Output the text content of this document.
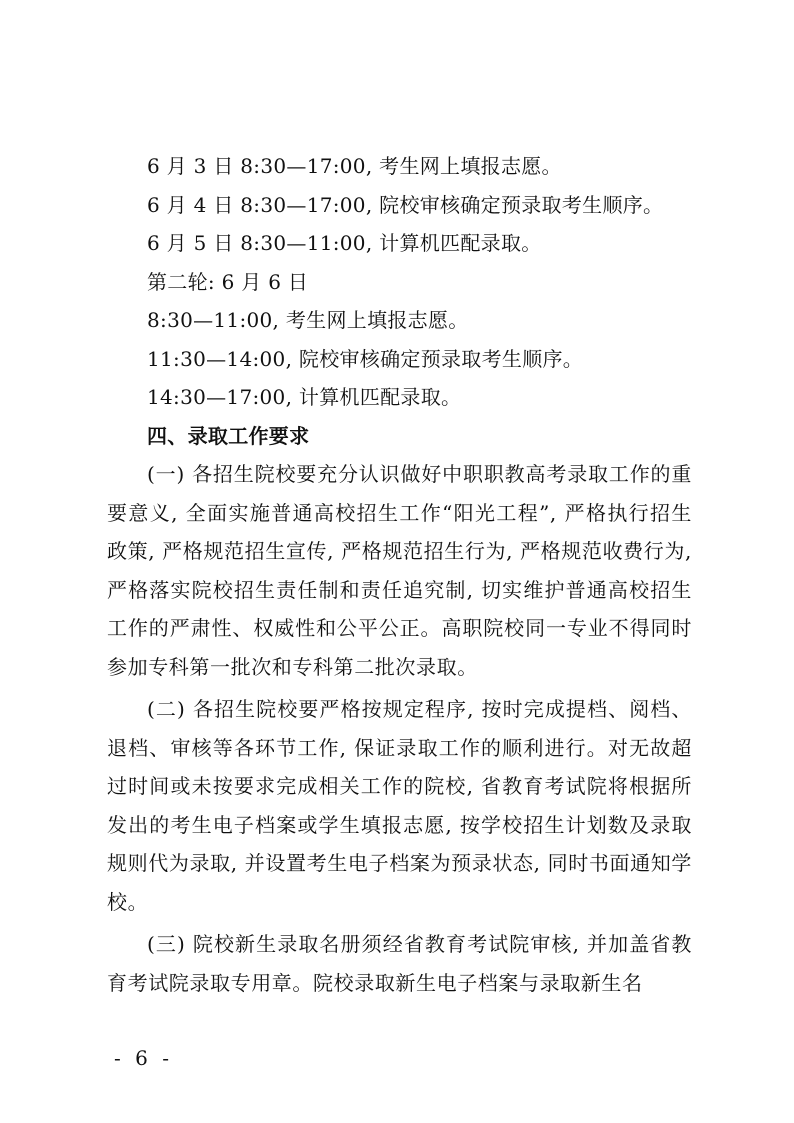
6 月 3 日 8:30—17:00, 考生网上填报志愿。
6 月 4 日 8:30—17:00, 院校审核确定预录取考生顺序。
6 月 5 日 8:30—11:00, 计算机匹配录取。
第二轮: 6 月 6 日
8:30—11:00, 考生网上填报志愿。
11:30—14:00, 院校审核确定预录取考生顺序。
14:30—17:00, 计算机匹配录取。
四、录取工作要求

(一) 各招生院校要充分认识做好中职职教高考录取工作的重要意义, 全面实施普通高校招生工作“阳光工程”, 严格执行招生政策, 严格规范招生宣传, 严格规范招生行为, 严格规范收费行为, 严格落实院校招生责任制和责任追究制, 切实维护普通高校招生工作的严肃性、权威性和公平公正。高职院校同一专业不得同时参加专科第一批次和专科第二批次录取。

(二) 各招生院校要严格按规定程序, 按时完成提档、阅档、退档、审核等各环节工作, 保证录取工作的顺利进行。对无故超过时间或未按要求完成相关工作的院校, 省教育考试院将根据所发出的考生电子档案或学生填报志愿, 按学校招生计划数及录取规则代为录取, 并设置考生电子档案为预录状态, 同时书面通知学校。

(三) 院校新生录取名册须经省教育考试院审核, 并加盖省教育考试院录取专用章。院校录取新生电子档案与录取新生名

- 6 -
